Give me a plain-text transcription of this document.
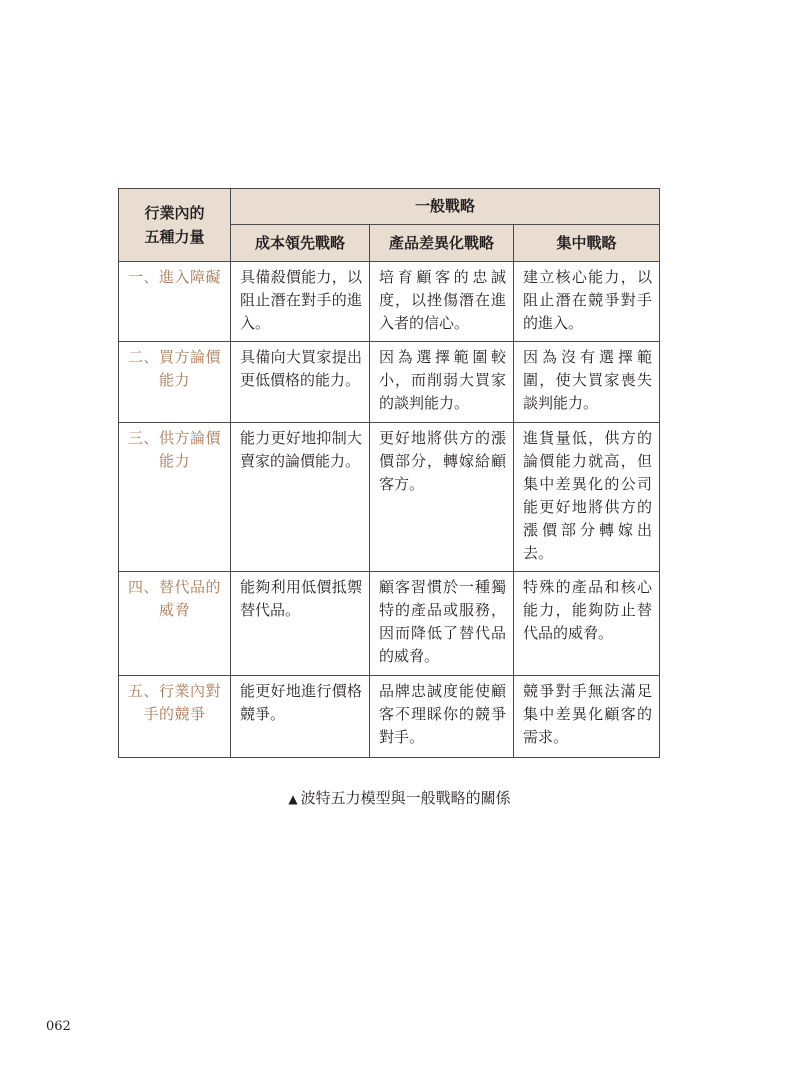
行業內的
五種力量	一般戰略		
	成本領先戰略	產品差異化戰略	集中戰略
一、進入障礙	具備殺價能力，以阻止潛在對手的進入。	培育顧客的忠誠度，以挫傷潛在進入者的信心。	建立核心能力，以阻止潛在競爭對手的進入。
二、買方論價能力	具備向大買家提出更低價格的能力。	因為選擇範圍較小，而削弱大買家的談判能力。	因為沒有選擇範圍，使大買家喪失談判能力。
三、供方論價能力	能力更好地抑制大賣家的論價能力。	更好地將供方的漲價部分，轉嫁給顧客方。	進貨量低，供方的論價能力就高，但集中差異化的公司能更好地將供方的漲價部分轉嫁出去。
四、替代品的威脅	能夠利用低價抵禦替代品。	顧客習慣於一種獨特的產品或服務，因而降低了替代品的威脅。	特殊的產品和核心能力，能夠防止替代品的威脅。
五、行業內對手的競爭	能更好地進行價格競爭。	品牌忠誠度能使顧客不理睬你的競爭對手。	競爭對手無法滿足集中差異化顧客的需求。
▲ 波特五力模型與一般戰略的關係
062
